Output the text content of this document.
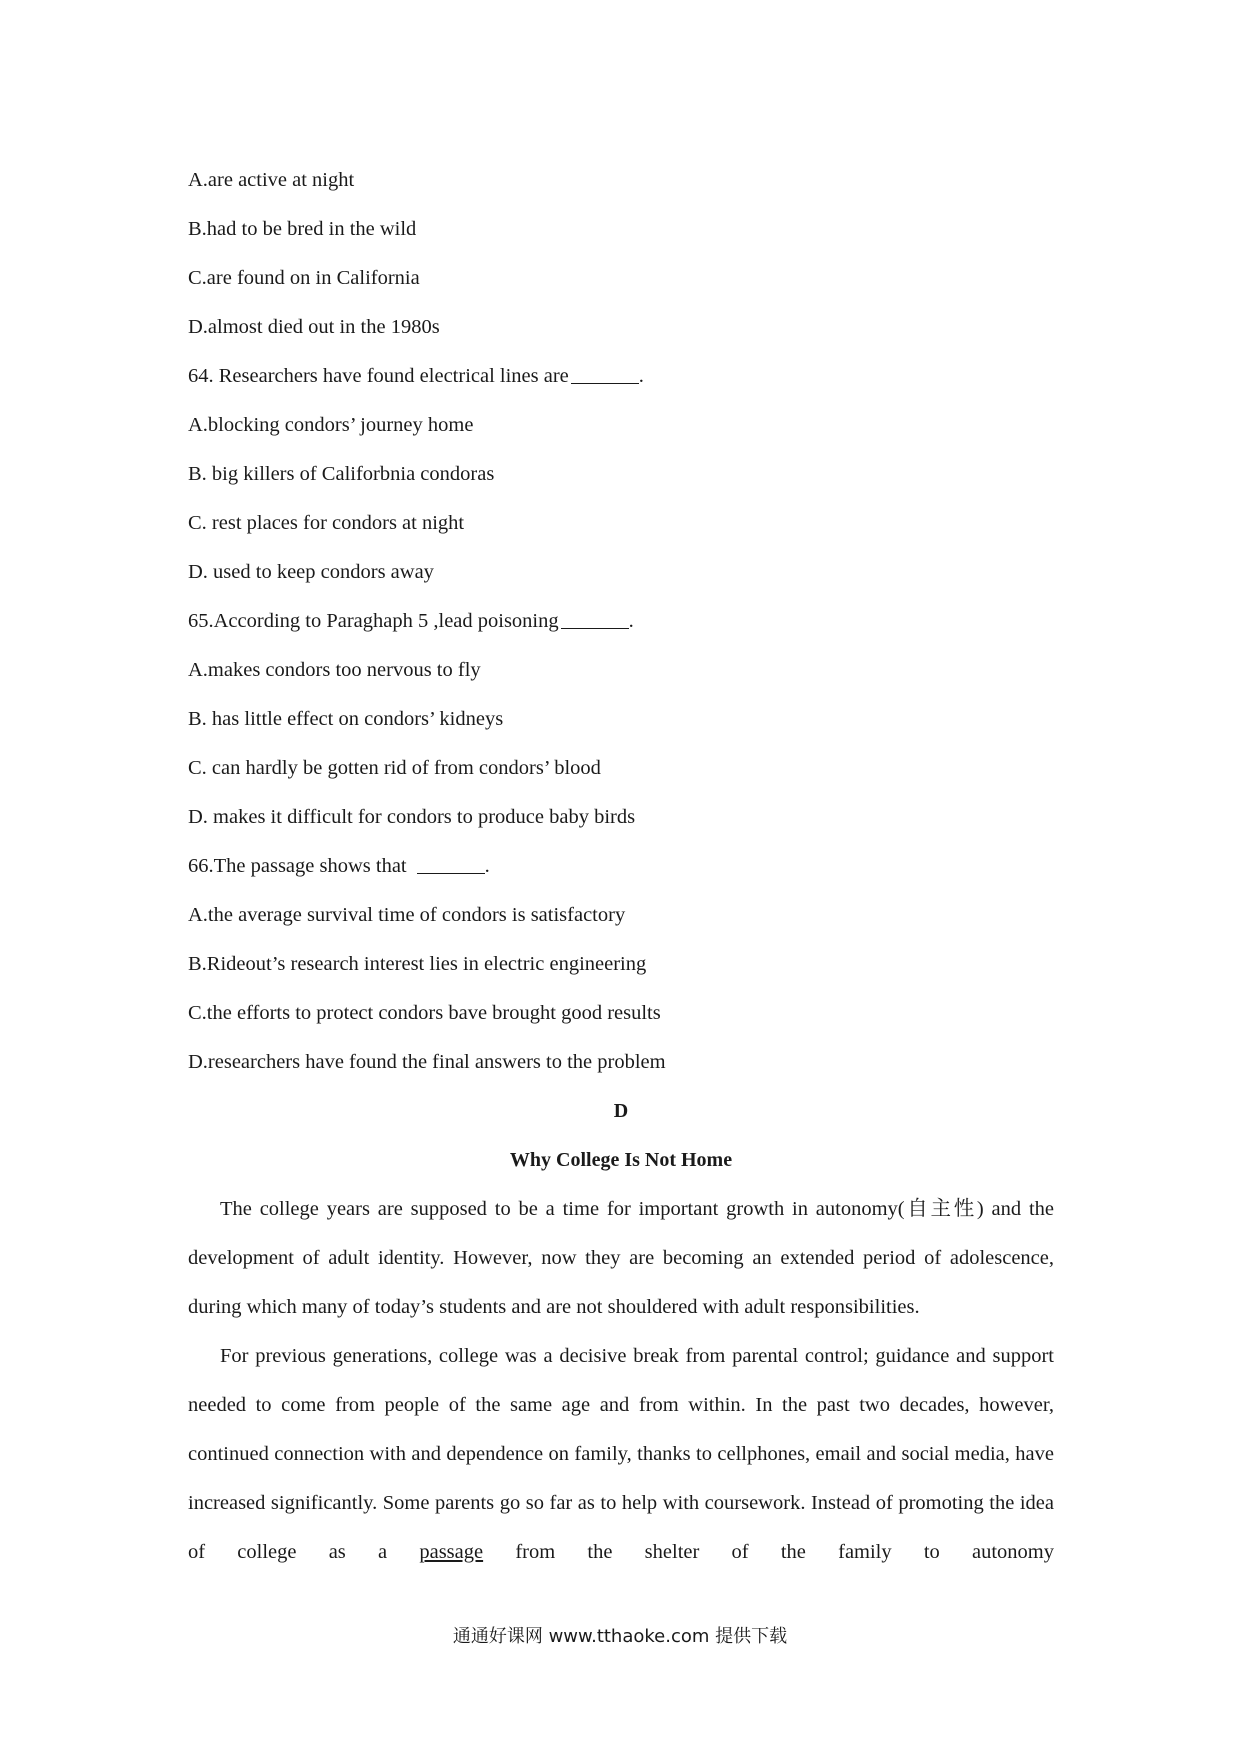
A.are active at night
B.had to be bred in the wild
C.are found on in California
D.almost died out in the 1980s
64. Researchers have found electrical lines are	.
A.blocking condors’ journey home
B. big killers of Califorbnia condoras
C. rest places for condors at night
D. used to keep condors away
65.According to Paraghaph 5 ,lead poisoning	.
A.makes condors too nervous to fly
B. has little effect on condors’ kidneys
C. can hardly be gotten rid of from condors’ blood
D. makes it difficult for condors to produce baby birds
66.The passage shows that	.
A.the average survival time of condors is satisfactory
B.Rideout’s research interest lies in electric engineering
C.the efforts to protect condors bave brought good results
D.researchers have found the final answers to the problem
D
Why College Is Not Home

The college years are supposed to be a time for important growth in autonomy(自主性) and the development of adult identity. However, now they are becoming an extended period of adolescence, during which many of today’s students and are not shouldered with adult responsibilities.

For previous generations, college was a decisive break from parental control; guidance and support needed to come from people of the same age and from within. In the past two decades, however, continued connection with and dependence on family, thanks to cellphones, email and social media, have increased significantly. Some parents go so far as to help with coursework. Instead of promoting the idea of college as a passage from the shelter of the family to autonomy

通通好课网 www.tthaoke.com 提供下载
